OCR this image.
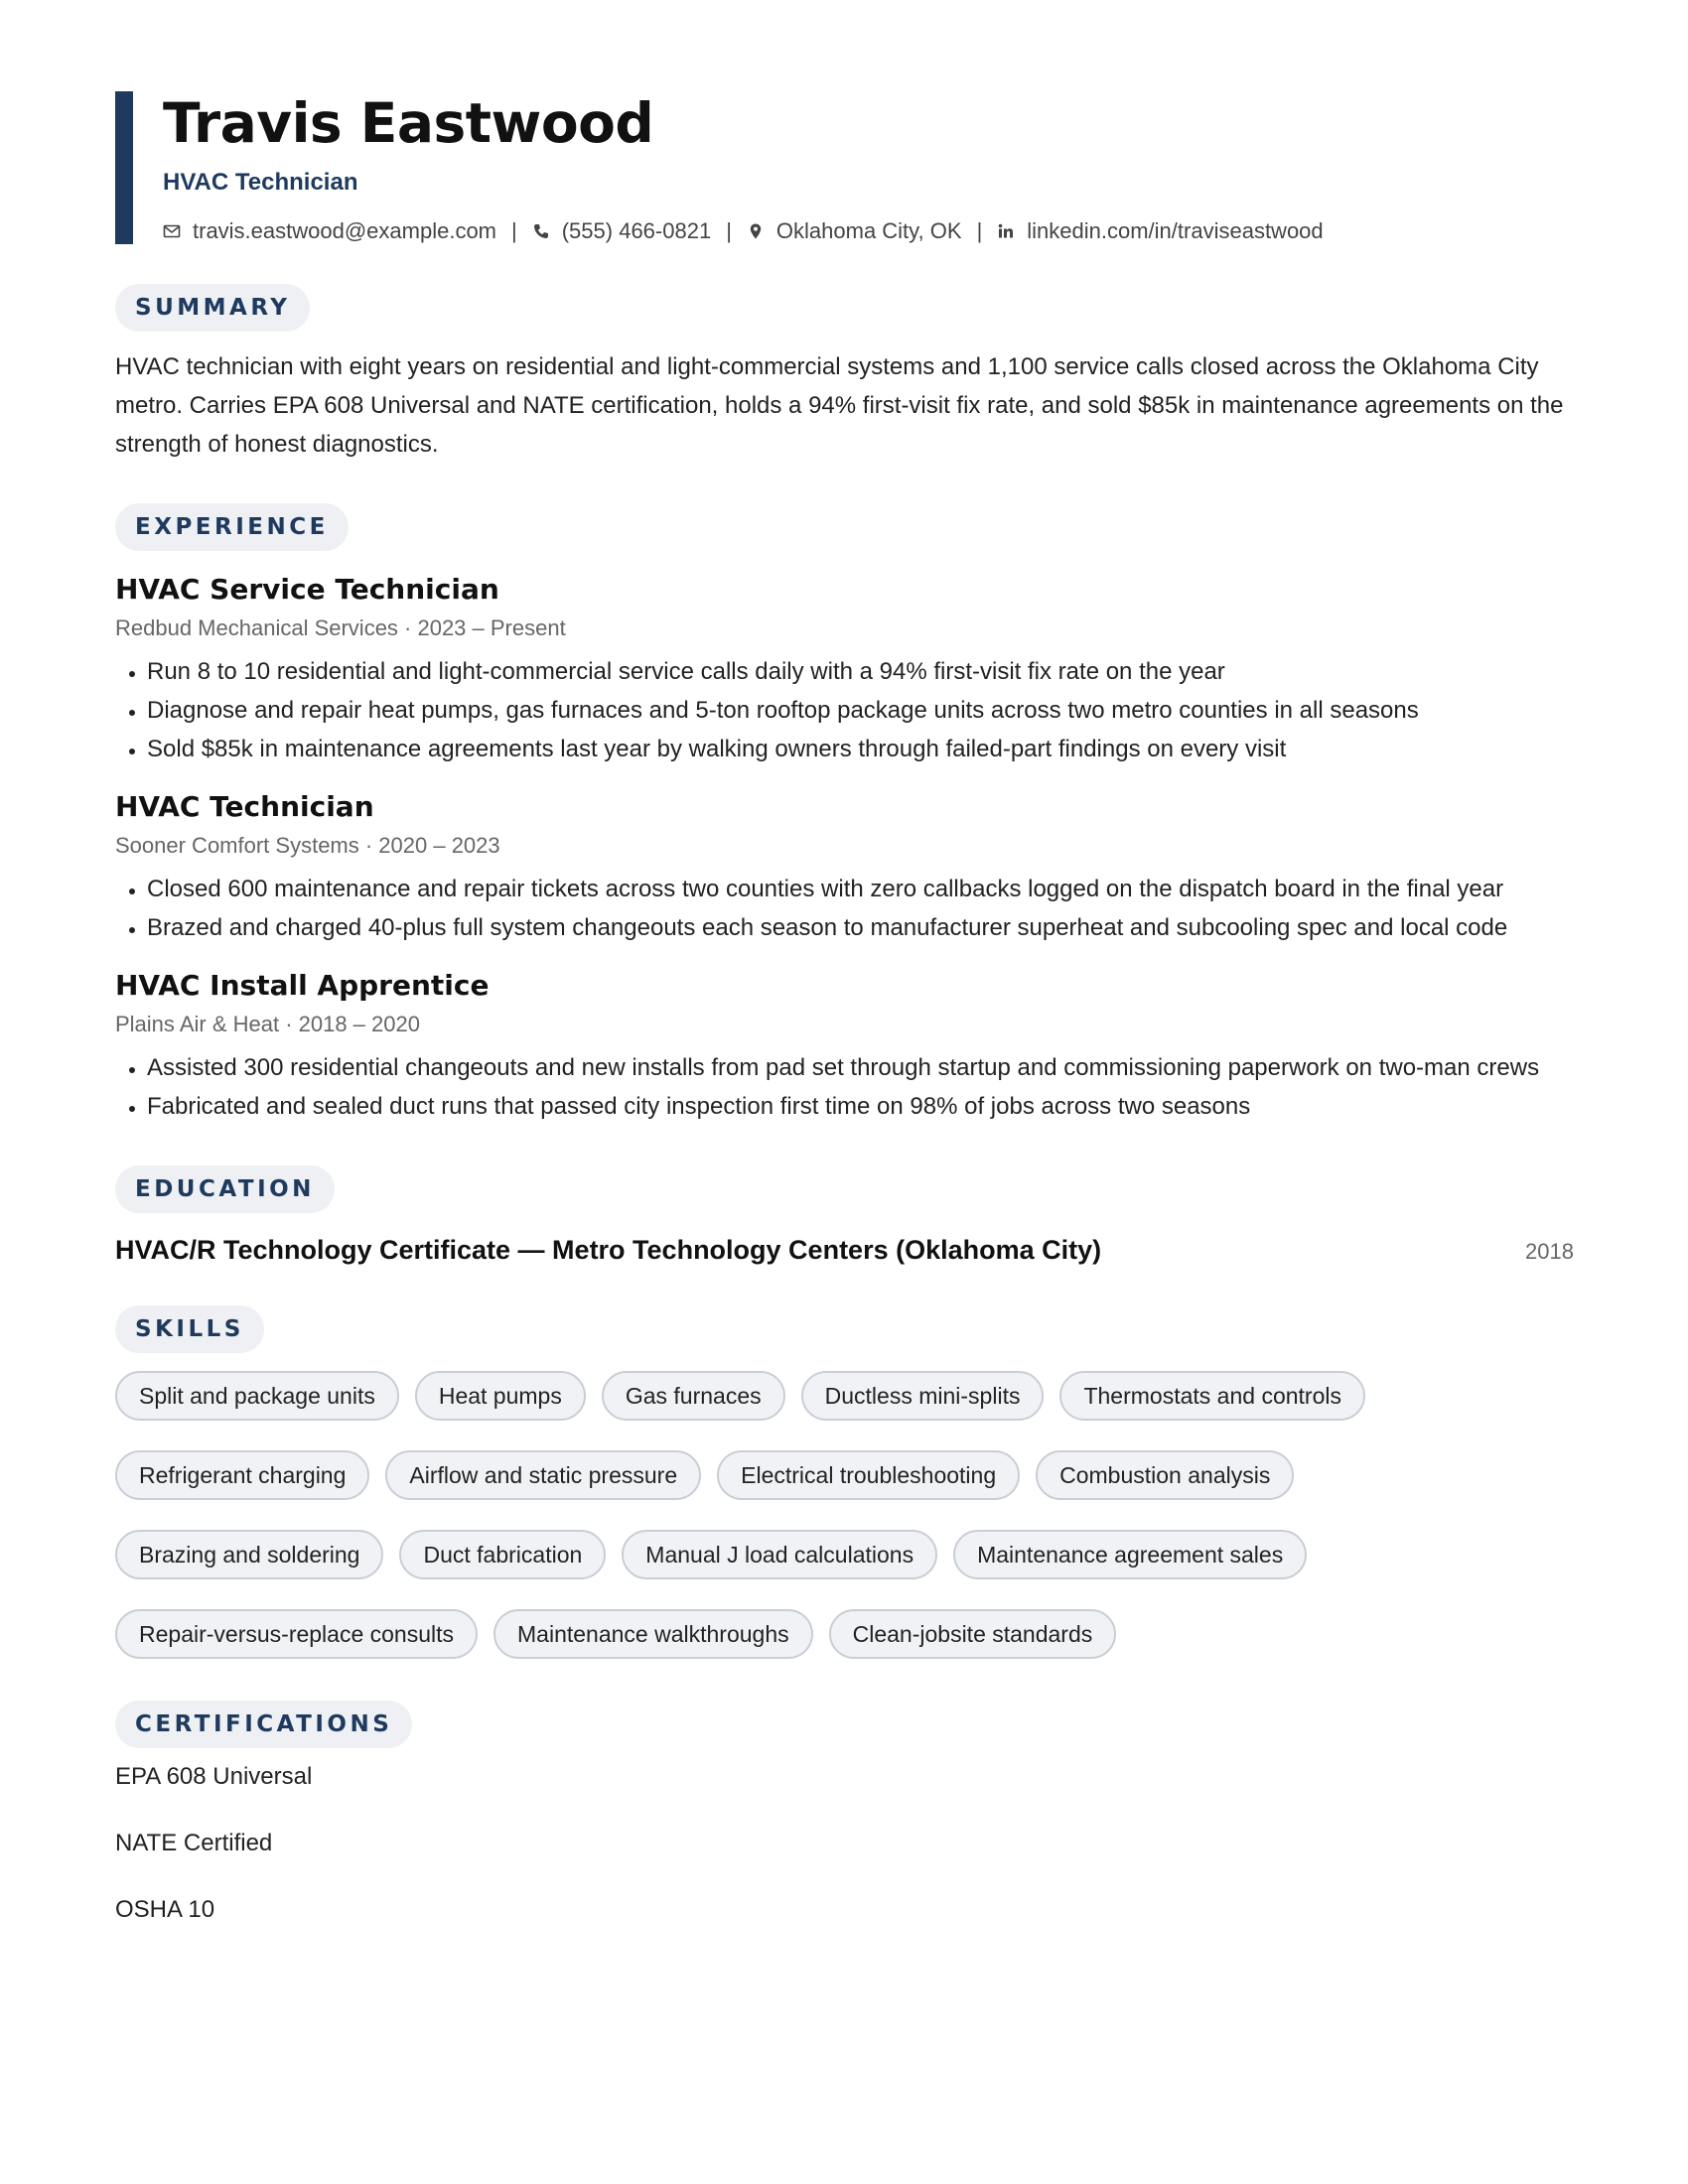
Travis Eastwood
HVAC Technician
travis.eastwood@example.com | (555) 466-0821 | Oklahoma City, OK | linkedin.com/in/traviseastwood
SUMMARY

HVAC technician with eight years on residential and light-commercial systems and 1,100 service calls closed across the Oklahoma City metro. Carries EPA 608 Universal and NATE certification, holds a 94% first-visit fix rate, and sold $85k in maintenance agreements on the strength of honest diagnostics.

EXPERIENCE
HVAC Service Technician
Redbud Mechanical Services · 2023 – Present
• Run 8 to 10 residential and light-commercial service calls daily with a 94% first-visit fix rate on the year
• Diagnose and repair heat pumps, gas furnaces and 5-ton rooftop package units across two metro counties in all seasons
• Sold $85k in maintenance agreements last year by walking owners through failed-part findings on every visit
HVAC Technician
Sooner Comfort Systems · 2020 – 2023
• Closed 600 maintenance and repair tickets across two counties with zero callbacks logged on the dispatch board in the final year
• Brazed and charged 40-plus full system changeouts each season to manufacturer superheat and subcooling spec and local code
HVAC Install Apprentice
Plains Air & Heat · 2018 – 2020
• Assisted 300 residential changeouts and new installs from pad set through startup and commissioning paperwork on two-man crews
• Fabricated and sealed duct runs that passed city inspection first time on 98% of jobs across two seasons
EDUCATION
HVAC/R Technology Certificate — Metro Technology Centers (Oklahoma City)	2018
SKILLS
Split and package units	Heat pumps	Gas furnaces	Ductless mini-splits	Thermostats and controls
Refrigerant charging	Airflow and static pressure	Electrical troubleshooting	Combustion analysis
Brazing and soldering	Duct fabrication	Manual J load calculations	Maintenance agreement sales
Repair-versus-replace consults	Maintenance walkthroughs	Clean-jobsite standards
CERTIFICATIONS
EPA 608 Universal
NATE Certified
OSHA 10
